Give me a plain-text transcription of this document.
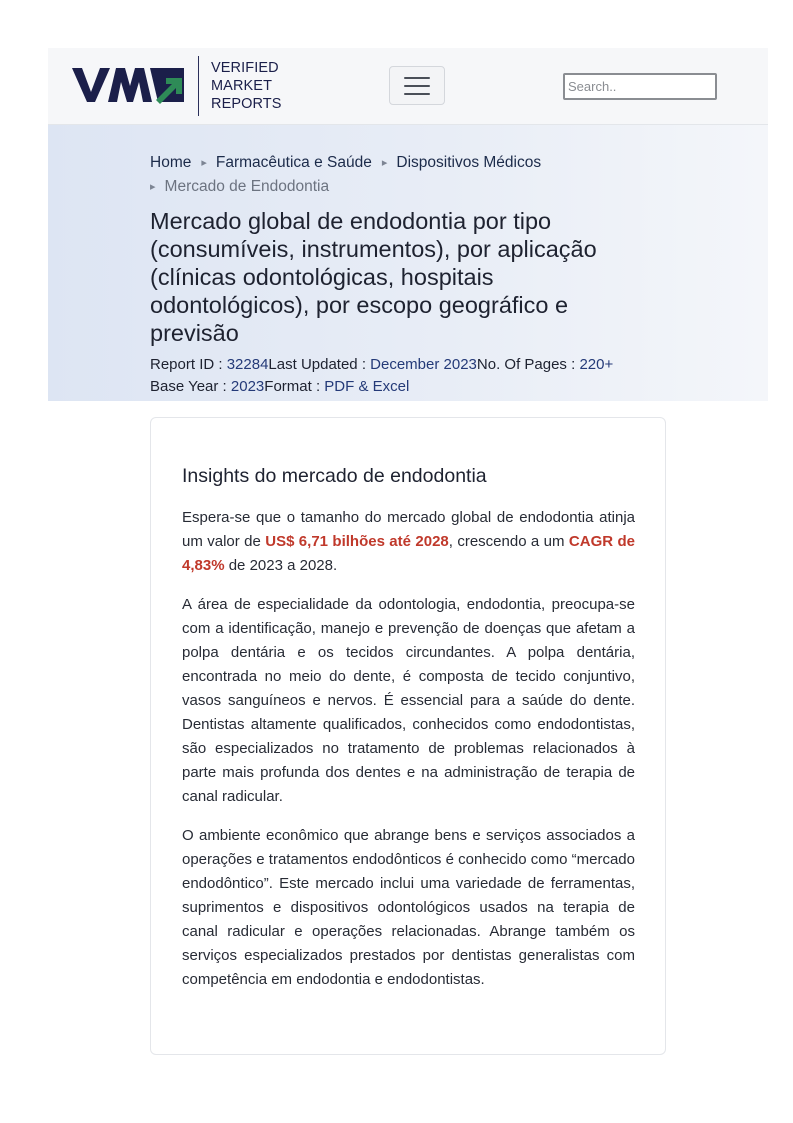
VERIFIED
MARKET
REPORTS
Search..
Home ▸ Farmacêutica e Saúde ▸ Dispositivos Médicos
▸ Mercado de Endodontia
Mercado global de endodontia por tipo (consumíveis, instrumentos), por aplicação (clínicas odontológicas, hospitais odontológicos), por escopo geográfico e previsão
Report ID : 32284Last Updated : December 2023No. Of Pages : 220+
Base Year : 2023Format : PDF & Excel
Insights do mercado de endodontia

Espera-se que o tamanho do mercado global de endodontia atinja um valor de US$ 6,71 bilhões até 2028, crescendo a um CAGR de 4,83% de 2023 a 2028.

A área de especialidade da odontologia, endodontia, preocupa-se com a identificação, manejo e prevenção de doenças que afetam a polpa dentária e os tecidos circundantes. A polpa dentária, encontrada no meio do dente, é composta de tecido conjuntivo, vasos sanguíneos e nervos. É essencial para a saúde do dente. Dentistas altamente qualificados, conhecidos como endodontistas, são especializados no tratamento de problemas relacionados à parte mais profunda dos dentes e na administração de terapia de canal radicular.

O ambiente econômico que abrange bens e serviços associados a operações e tratamentos endodônticos é conhecido como “mercado endodôntico”. Este mercado inclui uma variedade de ferramentas, suprimentos e dispositivos odontológicos usados na terapia de canal radicular e operações relacionadas. Abrange também os serviços especializados prestados por dentistas generalistas com competência em endodontia e endodontistas.
